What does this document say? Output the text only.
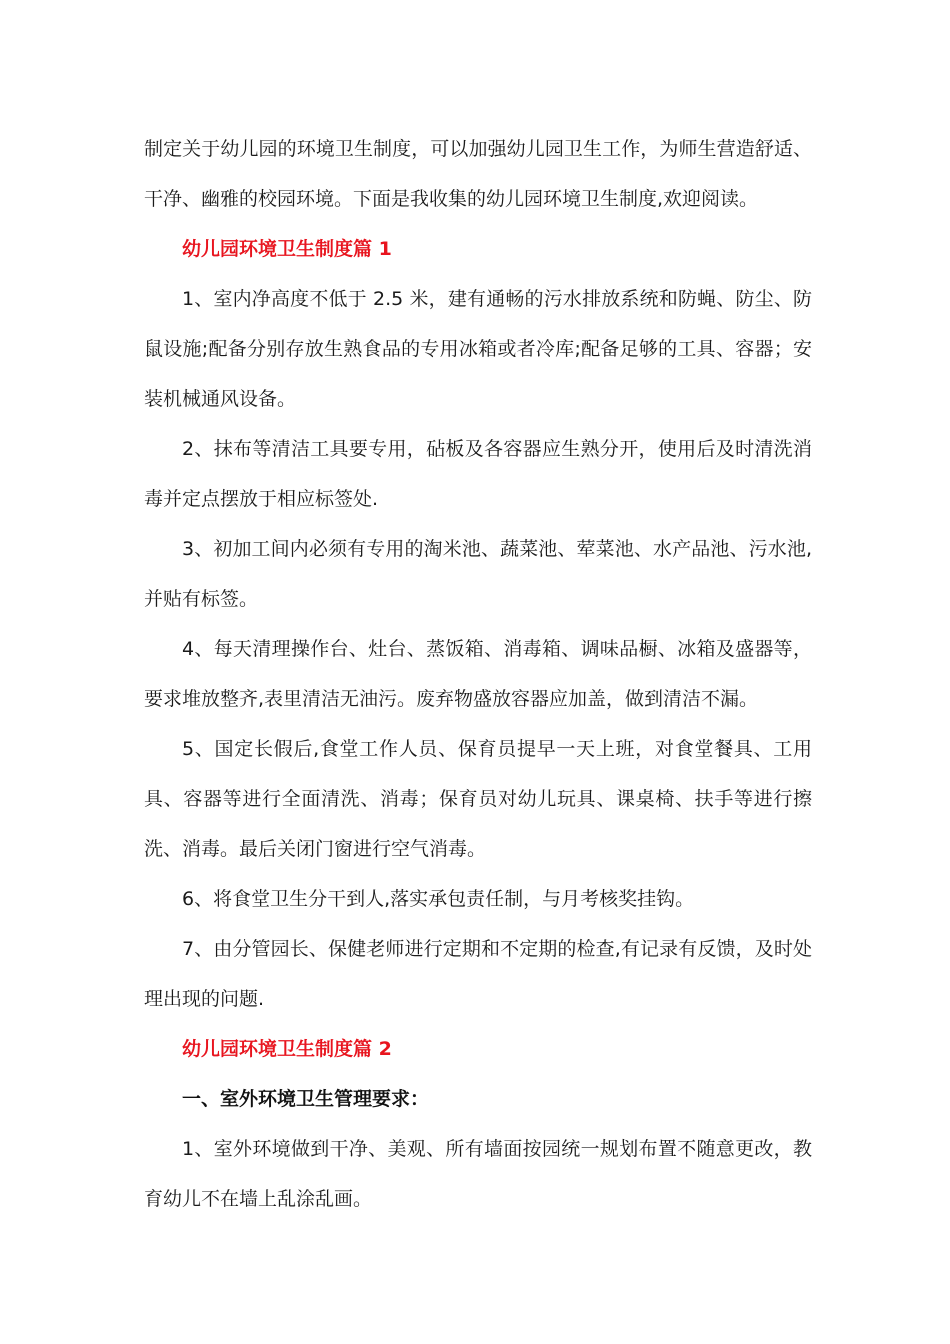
制定关于幼儿园的环境卫生制度，可以加强幼儿园卫生工作，为师生营造舒适、干净、幽雅的校园环境。下面是我收集的幼儿园环境卫生制度,欢迎阅读。

幼儿园环境卫生制度篇 1

1、室内净高度不低于 2.5 米，建有通畅的污水排放系统和防蝇、防尘、防鼠设施;配备分别存放生熟食品的专用冰箱或者冷库;配备足够的工具、容器；安装机械通风设备。

2、抹布等清洁工具要专用，砧板及各容器应生熟分开，使用后及时清洗消毒并定点摆放于相应标签处.

3、初加工间内必须有专用的淘米池、蔬菜池、荤菜池、水产品池、污水池,并贴有标签。

4、每天清理操作台、灶台、蒸饭箱、消毒箱、调味品橱、冰箱及盛器等，要求堆放整齐,表里清洁无油污。废弃物盛放容器应加盖，做到清洁不漏。

5、国定长假后,食堂工作人员、保育员提早一天上班，对食堂餐具、工用具、容器等进行全面清洗、消毒；保育员对幼儿玩具、课桌椅、扶手等进行擦洗、消毒。最后关闭门窗进行空气消毒。

6、将食堂卫生分干到人,落实承包责任制，与月考核奖挂钩。

7、由分管园长、保健老师进行定期和不定期的检查,有记录有反馈，及时处理出现的问题.

幼儿园环境卫生制度篇 2

一、室外环境卫生管理要求：

1、室外环境做到干净、美观、所有墙面按园统一规划布置不随意更改，教育幼儿不在墙上乱涂乱画。
